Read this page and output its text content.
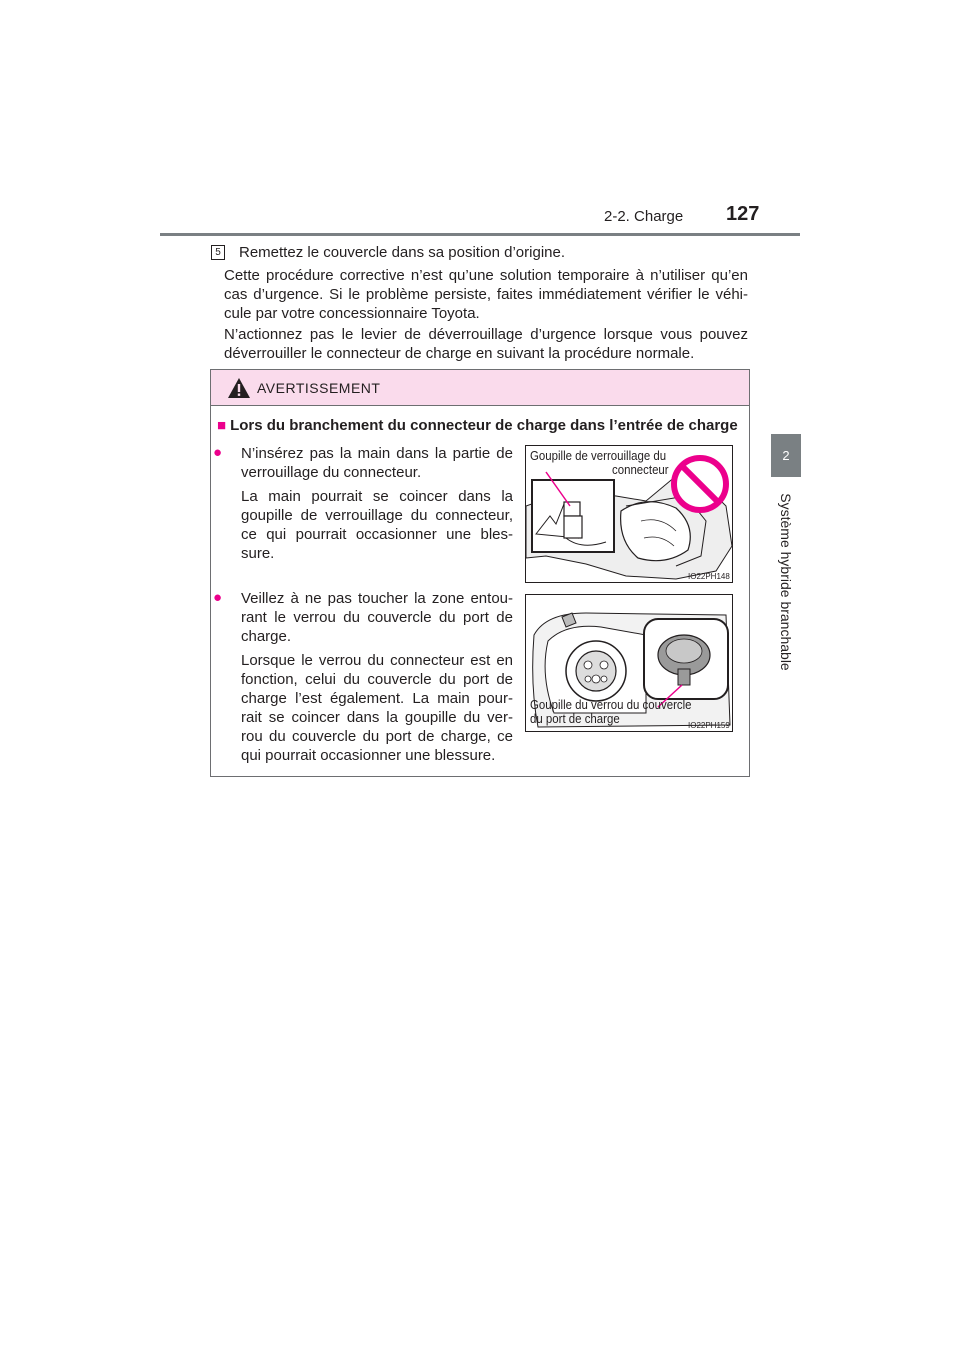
2-2. Charge 127
2
Système hybride branchable
5 Remettez le couvercle dans sa position d’origine.

Cette procédure corrective n’est qu’une solution temporaire à n’utiliser qu’en cas d’urgence. Si le problème persiste, faites immédiatement vérifier le véhi-cule par votre concessionnaire Toyota.

N’actionnez pas le levier de déverrouillage d’urgence lorsque vous pouvez déverrouiller le connecteur de charge en suivant la procédure normale.

AVERTISSEMENT
■ Lors du branchement du connecteur de charge dans l’entrée de charge
● N’insérez pas la main dans la partie de verrouillage du connecteur.

La main pourrait se coincer dans la goupille de verrouillage du connecteur, ce qui pourrait occasionner une bles-sure.

Goupille de verrouillage du
connecteur
IO22PH148
● Veillez à ne pas toucher la zone entou-rant le verrou du couvercle du port de charge.

Lorsque le verrou du connecteur est en fonction, celui du couvercle du port de charge l’est également. La main pour-rait se coincer dans la goupille du ver-rou du couvercle du port de charge, ce qui pourrait occasionner une blessure.

Goupille du verrou du couvercle
du port de charge	IO22PH159
